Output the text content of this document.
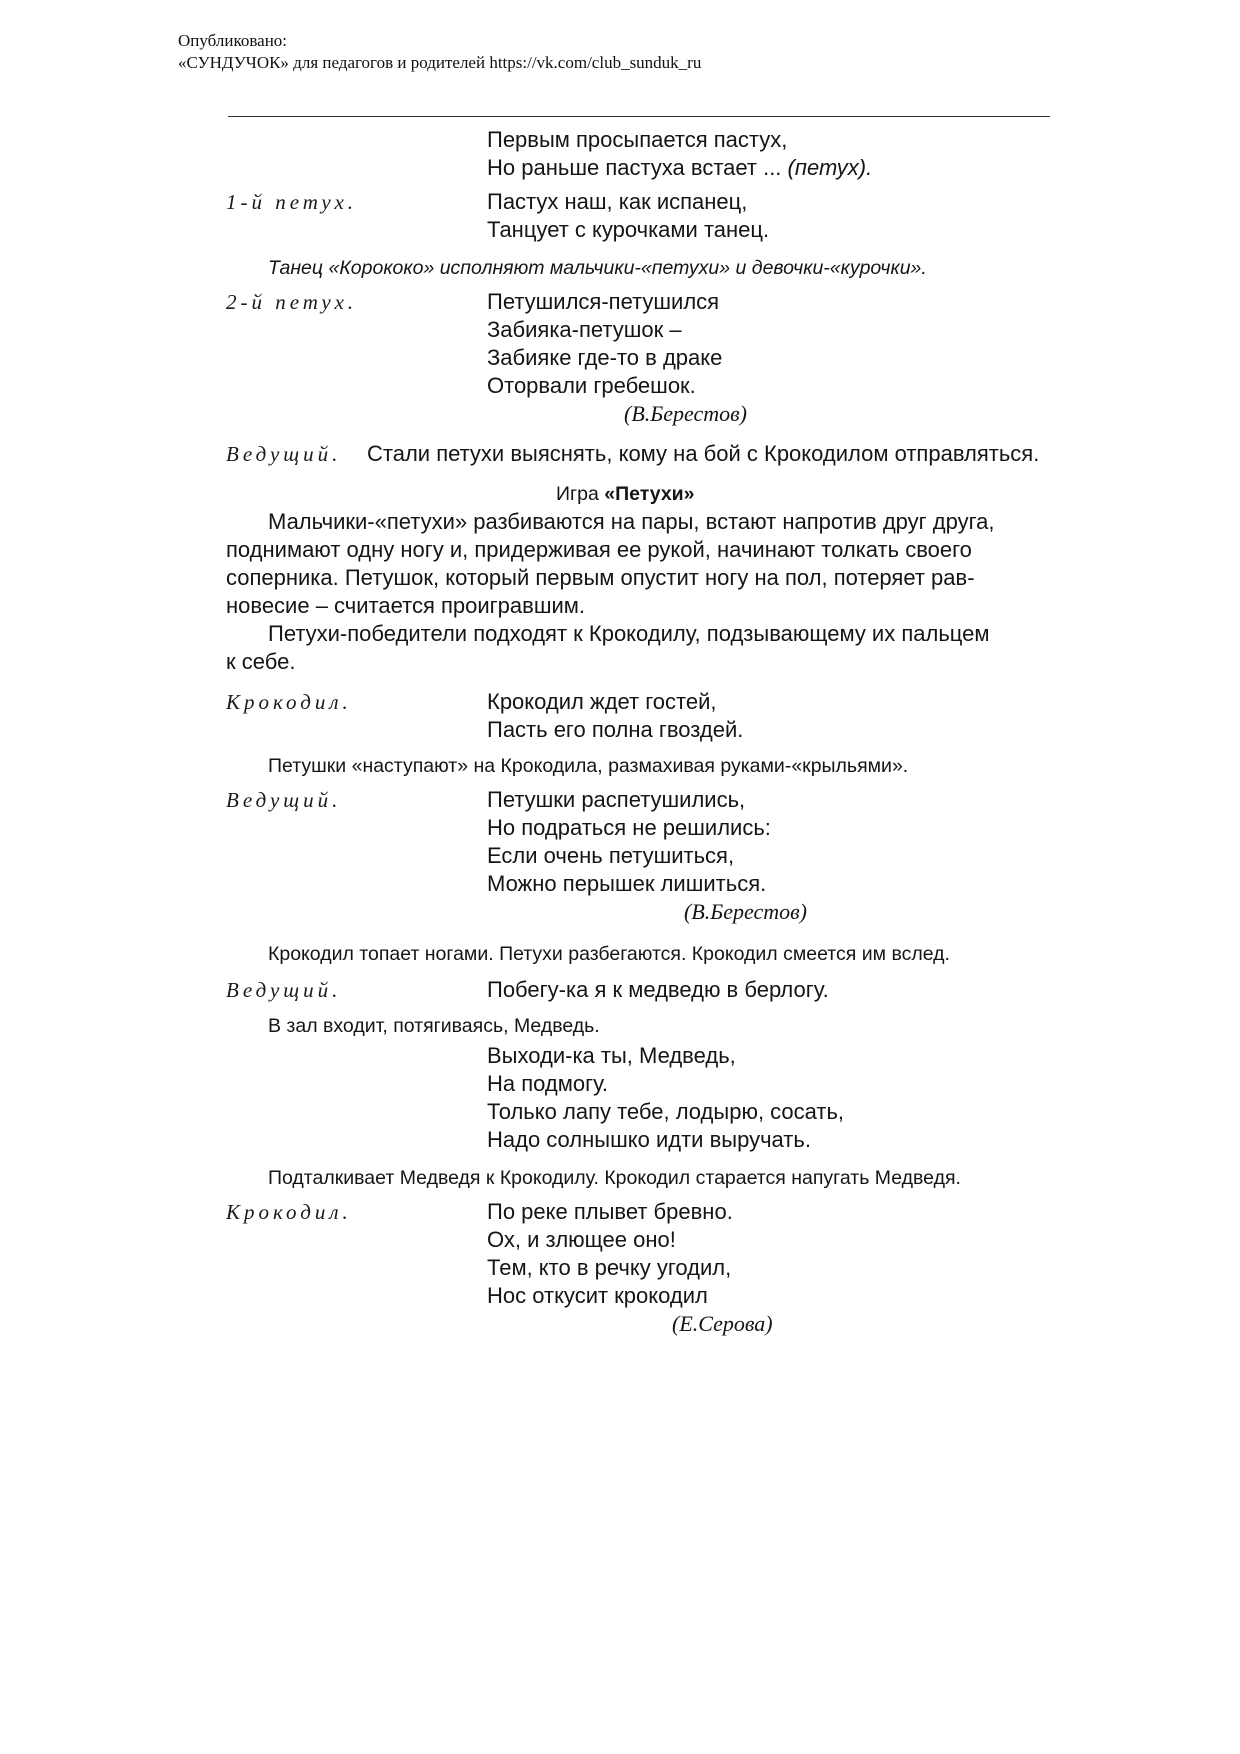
Опубликовано:
«СУНДУЧОК» для педагогов и родителей https://vk.com/club_sunduk_ru
Первым просыпается пастух,
Но раньше пастуха встает ... (петух).
1-й петух.	Пастух наш, как испанец,
Танцует с курочками танец.
Танец «Корококо» исполняют мальчики-«петухи» и девочки-«курочки».
2-й петух.	Петушился-петушился
Забияка-петушок –
Забияке где-то в драке
Оторвали гребешок.
(В.Берестов)
Ведущий. Стали петухи выяснять, кому на бой с Крокодилом отправляться.
Игра «Петухи»
Мальчики-«петухи» разбиваются на пары, встают напротив друг друга,
поднимают одну ногу и, придерживая ее рукой, начинают толкать своего
соперника. Петушок, который первым опустит ногу на пол, потеряет рав-
новесие – считается проигравшим.
Петухи-победители подходят к Крокодилу, подзывающему их пальцем
к себе.
Крокодил.	Крокодил ждет гостей,
Пасть его полна гвоздей.
Петушки «наступают» на Крокодила, размахивая руками-«крыльями».
Ведущий.	Петушки распетушились,
Но подраться не решились:
Если очень петушиться,
Можно перышек лишиться.
(В.Берестов)
Крокодил топает ногами. Петухи разбегаются. Крокодил смеется им вслед.
Ведущий.	Побегу-ка я к медведю в берлогу.
В зал входит, потягиваясь, Медведь.
Выходи-ка ты, Медведь,
На подмогу.
Только лапу тебе, лодырю, сосать,
Надо солнышко идти выручать.
Подталкивает Медведя к Крокодилу. Крокодил старается напугать Медведя.
Крокодил.	По реке плывет бревно.
Ох, и злющее оно!
Тем, кто в речку угодил,
Нос откусит крокодил
(Е.Серова)
